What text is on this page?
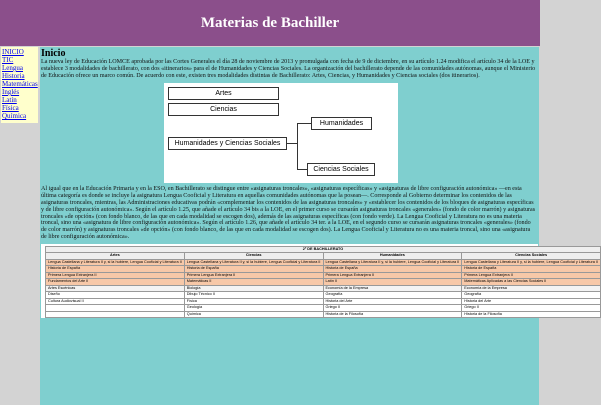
Materias de Bachiller
INICIO
TIC
Lengua
Historia
Matemáticas
Inglés
Latín
Física
Química
Inicio

La nueva ley de Educación LOMCE aprobada por las Cortes Generales el día 28 de noviembre de 2013 y promulgada con fecha de 9 de diciembre, en su artículo 1.24 modifica el artículo 34 de la LOE y establece 3 modalidades de bachillerato, con dos «itinerarios» para el de Humanidades y Ciencias Sociales. La organización del bachillerato depende de las comunidades autónomas, aunque el Ministerio de Educación ofrece un marco común. De acuerdo con este, existen tres modalidades distintas de Bachillerato: Artes, Ciencias, y Humanidades y Ciencias sociales (dos itinerarios).

Artes
Ciencias
Humanidades y Ciencias Sociales
Humanidades
Ciencias Sociales

Al igual que en la Educación Primaria y en la ESO, en Bachillerato se distingue entre «asignaturas troncales», «asignaturas específicas» y «asignaturas de libre configuración autonómica» —en esta última categoría es donde se incluye la asignatura Lengua Cooficial y Literatura en aquellas comunidades autónomas que la posean—. Corresponde al Gobierno determinar los contenidos de las asignaturas troncales, mientras, las Administraciones educativas podrán «complementar los contenidos de las asignaturas troncales» y «establecer los contenidos de los bloques de asignaturas específicas y de libre configuración autonómica». Según el artículo 1.25, que añade el artículo 34 bis a la LOE, en el primer curso se cursarán asignaturas troncales «generales» (fondo de color marrón) y asignaturas troncales «de opción» (con fondo blanco, de las que en cada modalidad se escogen dos), además de las asignaturas específicas (con fondo verde). La Lengua Cooficial y Literatura no es una materia troncal, sino una «asignatura de libre configuración autonómica». Según el artículo 1.26, que añade el artículo 34 ter. a la LOE, en el segundo curso se cursarán asignaturas troncales «generales» (fondo de color marrón) y asignaturas troncales «de opción» (con fondo blanco, de las que en cada modalidad se escogen dos). La Lengua Cooficial y Literatura no es una materia troncal, sino una «asignatura de libre configuración autonómica».

2º DE BACHILLERATO			
Artes	Ciencias	Humanidades	Ciencias Sociales
Lengua Castellana y Literatura II y, si la hubiere, Lengua Cooficial y Literatura II	Lengua Castellana y Literatura II y, si la hubiere, Lengua Cooficial y Literatura II	Lengua Castellana y Literatura II y, si la hubiere, Lengua Cooficial y Literatura II	Lengua Castellana y Literatura II y, si la hubiere, Lengua Cooficial y Literatura II
Historia de España	Historia de España	Historia de España	Historia de España
Primera Lengua Extranjera II	Primera Lengua Extranjera II	Primera Lengua Extranjera II	Primera Lengua Extranjera II
Fundamentos del Arte II	Matemáticas II	Latín II	Matemáticas Aplicadas a las Ciencias Sociales II
Artes Escénicas	Biología	Economía de la Empresa	Economía de la Empresa
Diseño	Dibujo Técnico II	Geografía	Geografía
Cultura Audiovisual II	Física	Historia del Arte	Historia del Arte
	Geología	Griego II	Griego II
	Química	Historia de la Filosofía	Historia de la Filosofía
